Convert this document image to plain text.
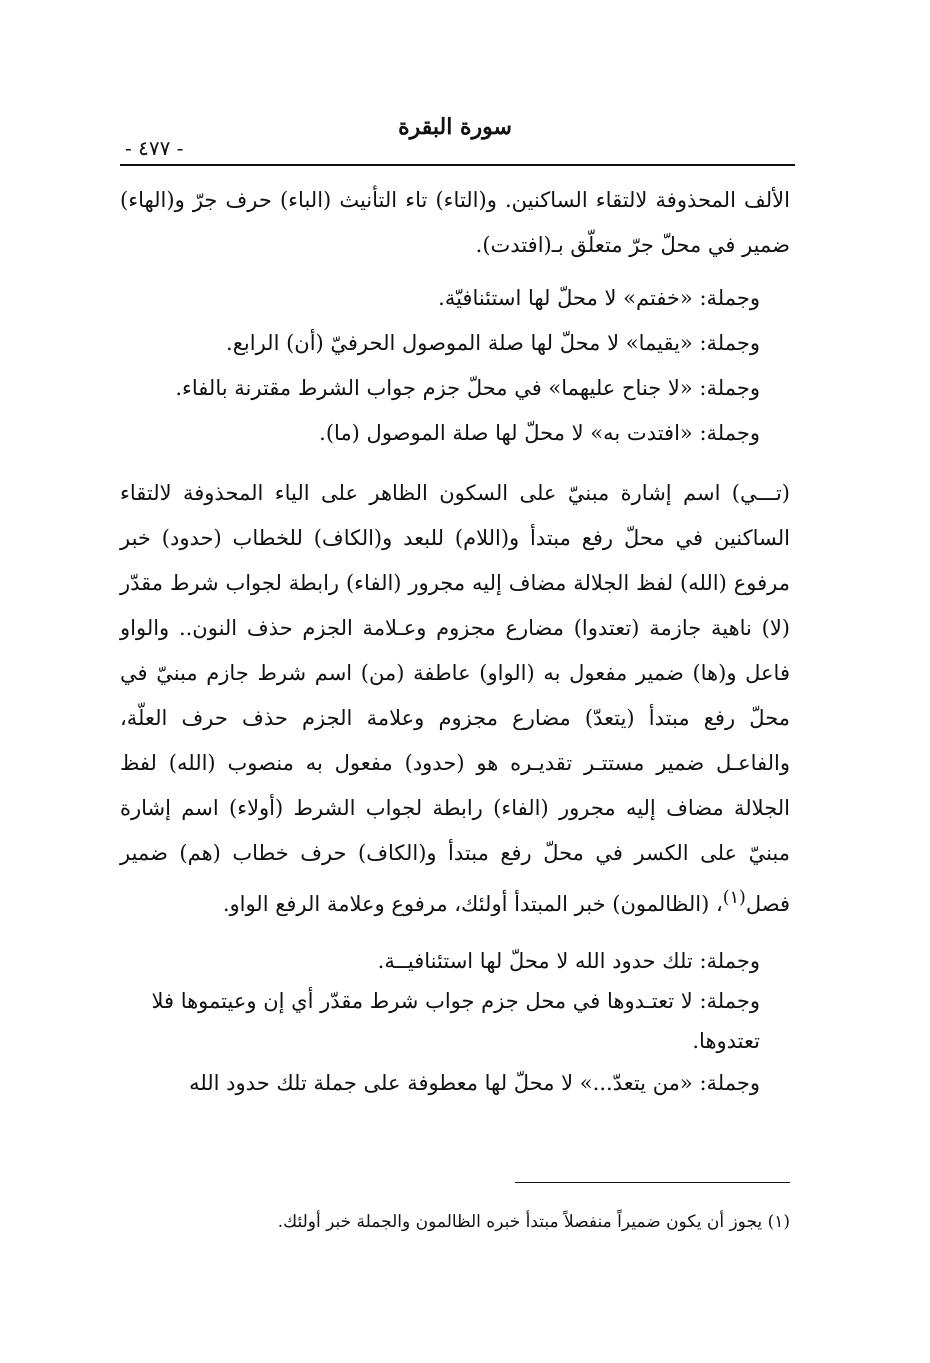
- ٤٧٧ -
سورة البقرة

الألف المحذوفة لالتقاء الساكنين. و(التاء) تاء التأنيث (الباء) حرف جرّ و(الهاء) ضمير في محلّ جرّ متعلّق بـ(افتدت).

وجملة: «خفتم» لا محلّ لها استئنافيّة.

وجملة: «يقيما» لا محلّ لها صلة الموصول الحرفيّ (أن) الرابع.

وجملة: «لا جناح عليهما» في محلّ جزم جواب الشرط مقترنة بالفاء.

وجملة: «افتدت به» لا محلّ لها صلة الموصول (ما).

(تـــي) اسم إشارة مبنيّ على السكون الظاهر على الياء المحذوفة لالتقاء الساكنين في محلّ رفع مبتدأ و(اللام) للبعد و(الكاف) للخطاب (حدود) خبر مرفوع (الله) لفظ الجلالة مضاف إليه مجرور (الفاء) رابطة لجواب شرط مقدّر (لا) ناهية جازمة (تعتدوا) مضارع مجزوم وعـلامة الجزم حذف النون.. والواو فاعل و(ها) ضمير مفعول به (الواو) عاطفة (من) اسم شرط جازم مبنيّ في محلّ رفع مبتدأ (يتعدّ) مضارع مجزوم وعلامة الجزم حذف حرف العلّة، والفاعـل ضمير مستتـر تقديـره هو (حدود) مفعول به منصوب (الله) لفظ الجلالة مضاف إليه مجرور (الفاء) رابطة لجواب الشرط (أولاء) اسم إشارة مبنيّ على الكسر في محلّ رفع مبتدأ و(الكاف) حرف خطاب (هم) ضمير فصل$^{(١)}$، (الظالمون) خبر المبتدأ أولئك، مرفوع وعلامة الرفع الواو.

وجملة: تلك حدود الله لا محلّ لها استئنافيــة.

وجملة: لا تعتـدوها في محل جزم جواب شرط مقدّر أي إن وعيتموها فلا تعتدوها.

وجملة: «من يتعدّ...» لا محلّ لها معطوفة على جملة تلك حدود الله

(١) يجوز أن يكون ضميراً منفصلاً مبتدأ خبره الظالمون والجملة خبر أولئك.
